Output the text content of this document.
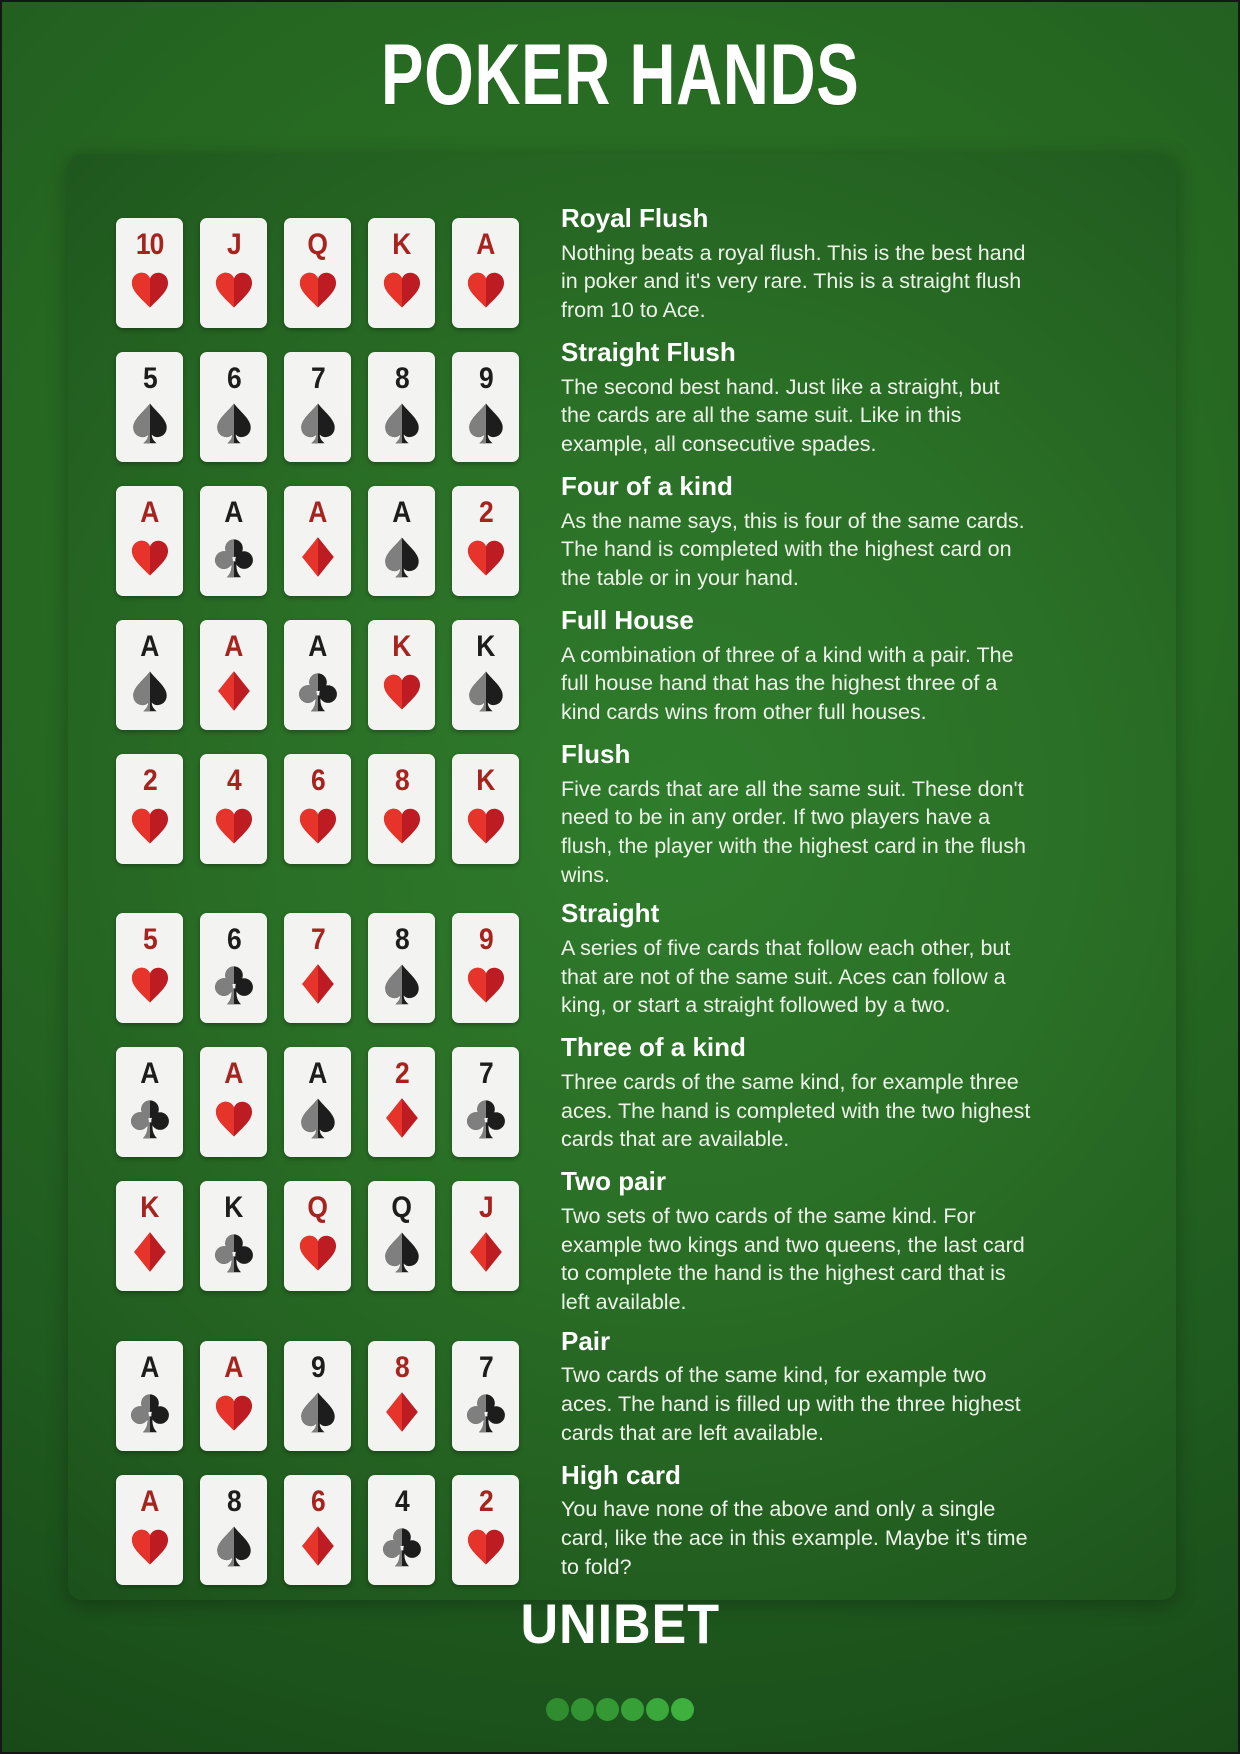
POKER HANDS
10 J Q K A

Royal Flush

Nothing beats a royal flush. This is the best hand in poker and it's very rare. This is a straight flush from 10 to Ace.

5 6 7 8 9

Straight Flush

The second best hand. Just like a straight, but the cards are all the same suit. Like in this example, all consecutive spades.

A A A A 2

Four of a kind

As the name says, this is four of the same cards. The hand is completed with the highest card on the table or in your hand.

A A A K K

Full House

A combination of three of a kind with a pair. The full house hand that has the highest three of a kind cards wins from other full houses.

2 4 6 8 K

Flush

Five cards that are all the same suit. These don't need to be in any order. If two players have a flush, the player with the highest card in the flush wins.

5 6 7 8 9

Straight

A series of five cards that follow each other, but that are not of the same suit. Aces can follow a king, or start a straight followed by a two.

A A A 2 7

Three of a kind

Three cards of the same kind, for example three aces. The hand is completed with the two highest cards that are available.

K K Q Q J

Two pair

Two sets of two cards of the same kind. For example two kings and two queens, the last card to complete the hand is the highest card that is left available.

A A 9 8 7

Pair

Two cards of the same kind, for example two aces. The hand is filled up with the three highest cards that are left available.

A 8 6 4 2

High card

You have none of the above and only a single card, like the ace in this example. Maybe it's time to fold?

UNIBET
